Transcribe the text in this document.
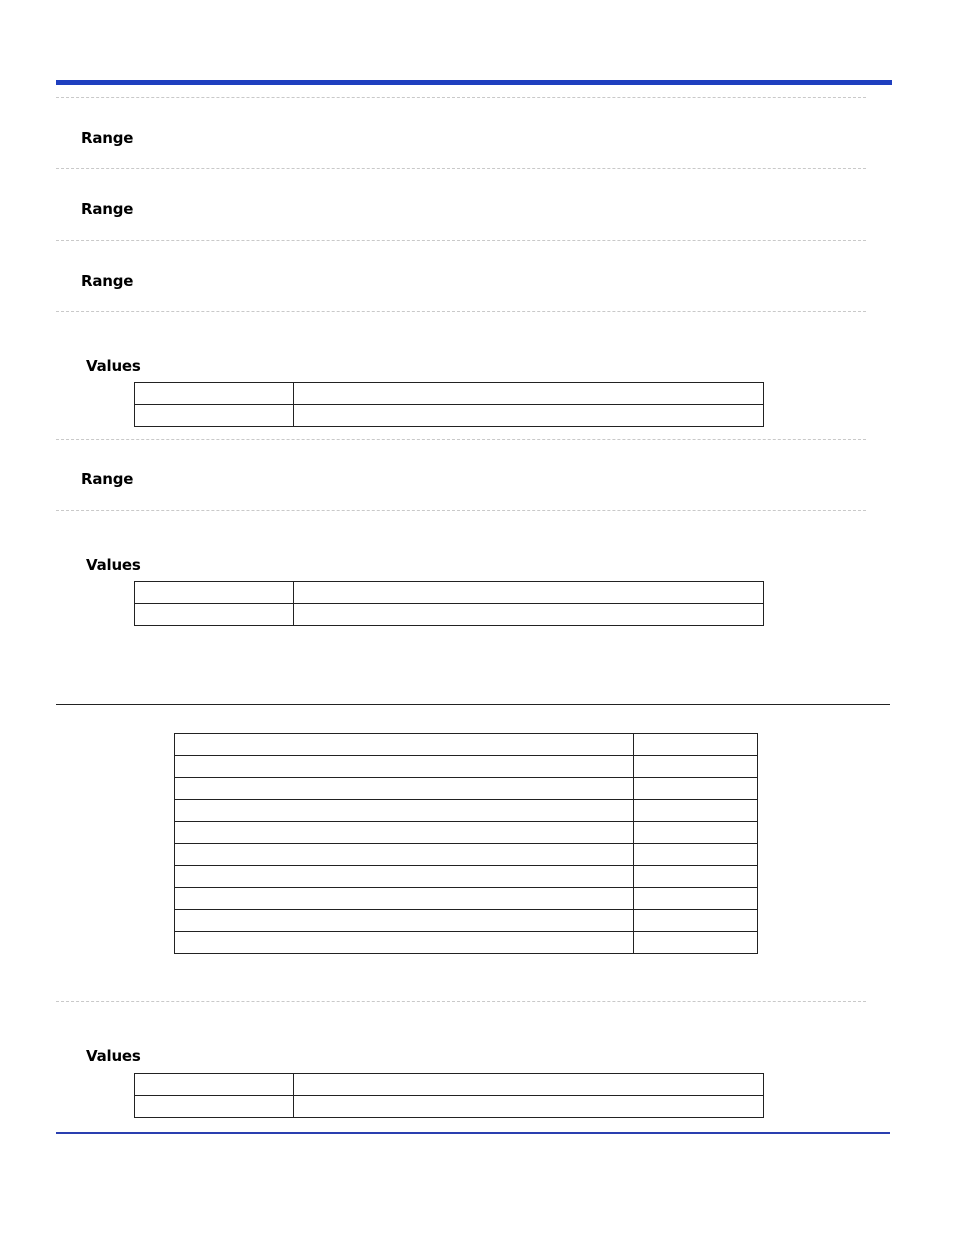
Range
Range
Range
Values
Range
Values

Values
